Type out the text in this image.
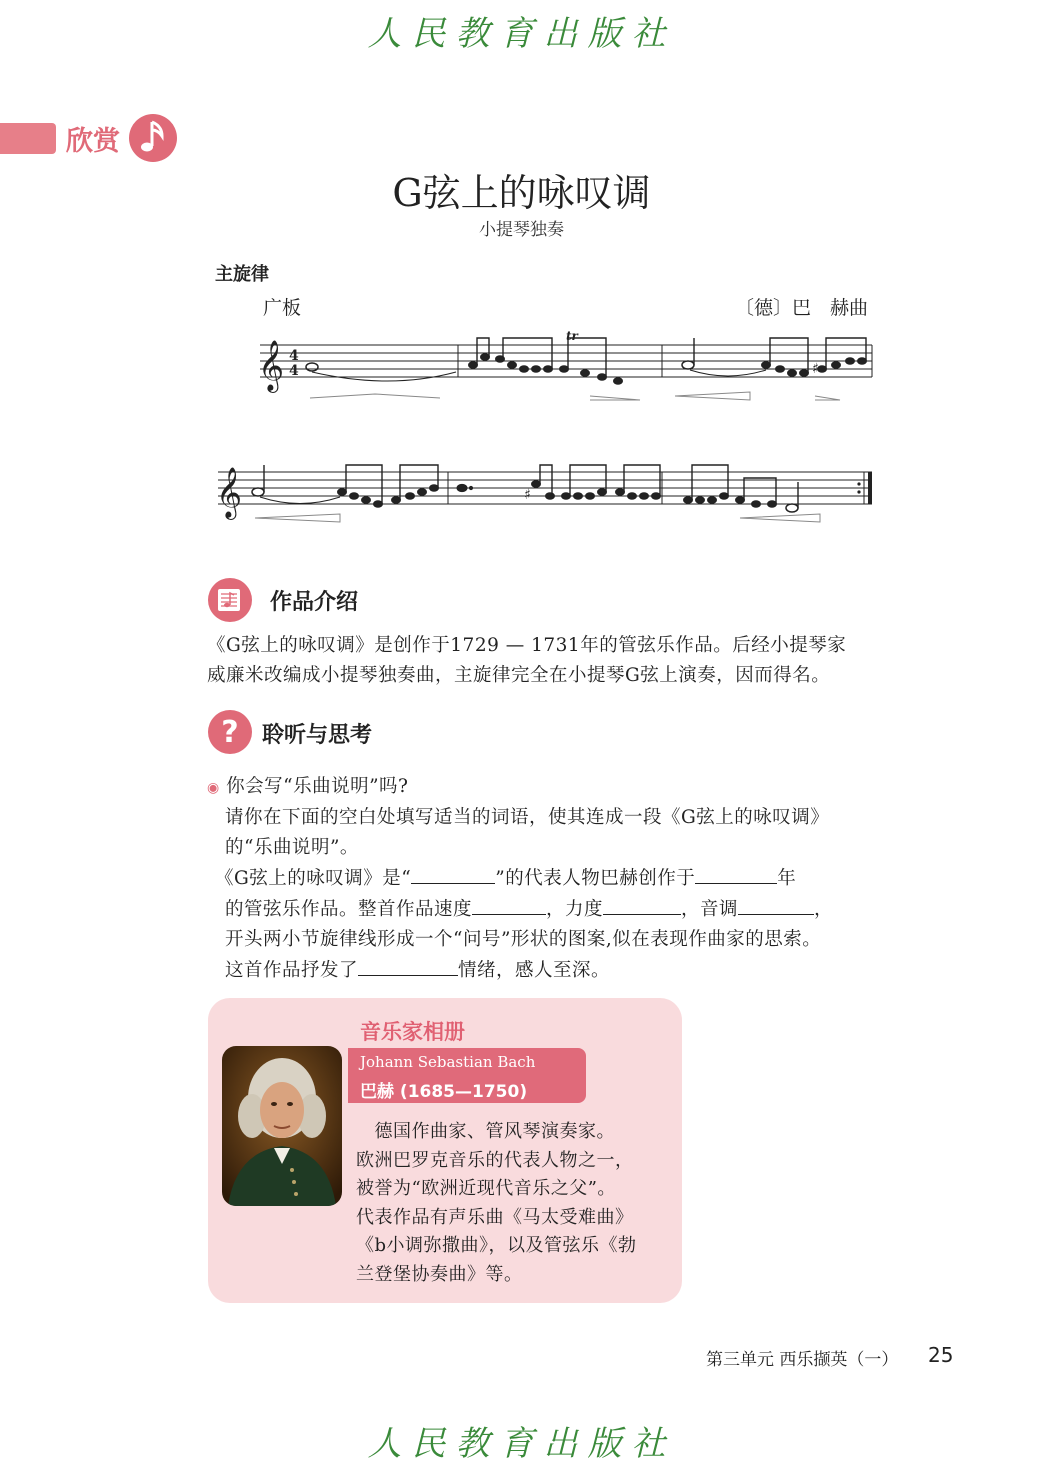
人民教育出版社
欣赏
G弦上的咏叹调
小提琴独奏
主旋律
广板	〔德〕巴　赫曲
𝄞
𝄞
4
4
tr
♯
♯
作品介绍
《G弦上的咏叹调》是创作于1729 — 1731年的管弦乐作品。后经小提琴家
威廉米改编成小提琴独奏曲，主旋律完全在小提琴G弦上演奏，因而得名。
? 聆听与思考
◉ 你会写“乐曲说明”吗?
请你在下面的空白处填写适当的词语，使其连成一段《G弦上的咏叹调》
的“乐曲说明”。
《G弦上的咏叹调》是“	”的代表人物巴赫创作于	年
的管弦乐作品。整首作品速度	，力度	，音调	，
开头两小节旋律线形成一个“问号”形状的图案,似在表现作曲家的思索。
这首作品抒发了	情绪，感人至深。
音乐家相册
Johann Sebastian Bach
巴赫 (1685—1750)
　德国作曲家、管风琴演奏家。
欧洲巴罗克音乐的代表人物之一，
被誉为“欧洲近现代音乐之父”。
代表作品有声乐曲《马太受难曲》
《b小调弥撒曲》，以及管弦乐《勃
兰登堡协奏曲》等。
第三单元 西乐撷英（一） 25
人民教育出版社
